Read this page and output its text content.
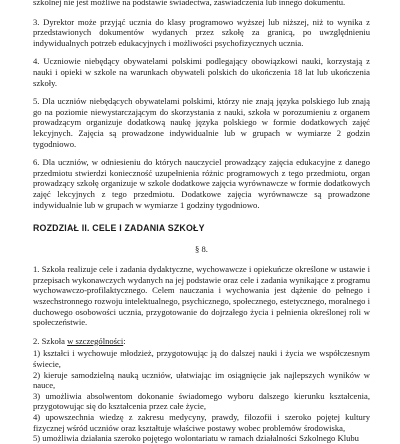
szkolnej nie jest możliwe na podstawie świadectwa, zaświadczenia lub innego dokumentu.

3. Dyrektor może przyjąć ucznia do klasy programowo wyższej lub niższej, niż to wynika z przedstawionych dokumentów wydanych przez szkołę za granicą, po uwzględnieniu indywidualnych potrzeb edukacyjnych i możliwości psychofizycznych ucznia.

4. Uczniowie niebędący obywatelami polskimi podlegający obowiązkowi nauki, korzystają z nauki i opieki w szkole na warunkach obywateli polskich do ukończenia 18 lat lub ukończenia szkoły.

5. Dla uczniów niebędących obywatelami polskimi, którzy nie znają języka polskiego lub znają go na poziomie niewystarczającym do skorzystania z nauki, szkoła w porozumieniu z organem prowadzącym organizuje dodatkową naukę języka polskiego w formie dodatkowych zajęć lekcyjnych. Zajęcia są prowadzone indywidualnie lub w grupach w wymiarze 2 godzin tygodniowo.

6. Dla uczniów, w odniesieniu do których nauczyciel prowadzący zajęcia edukacyjne z danego przedmiotu stwierdzi konieczność uzupełnienia różnic programowych z tego przedmiotu, organ prowadzący szkołę organizuje w szkole dodatkowe zajęcia wyrównawcze w formie dodatkowych zajęć lekcyjnych z tego przedmiotu. Dodatkowe zajęcia wyrównawcze są prowadzone indywidualnie lub w grupach w wymiarze 1 godziny tygodniowo.

ROZDZIAŁ II. CELE I ZADANIA SZKOŁY
§ 8.

1. Szkoła realizuje cele i zadania dydaktyczne, wychowawcze i opiekuńcze określone w ustawie i przepisach wykonawczych wydanych na jej podstawie oraz cele i zadania wynikające z programu wychowawczo-profilaktycznego. Celem nauczania i wychowania jest dążenie do pełnego i wszechstronnego rozwoju intelektualnego, psychicznego, społecznego, estetycznego, moralnego i duchowego osobowości ucznia, przygotowanie do dojrzałego życia i pełnienia określonej roli w społeczeństwie.

2. Szkoła w szczególności:

1) kształci i wychowuje młodzież, przygotowując ją do dalszej nauki i życia we współczesnym świecie,
2) kieruje samodzielną nauką uczniów, ułatwiając im osiągnięcie jak najlepszych wyników w nauce,
3) umożliwia absolwentom dokonanie świadomego wyboru dalszego kierunku kształcenia, przygotowując się do kształcenia przez całe życie,
4) upowszechnia wiedzę z zakresu medycyny, prawdy, filozofii i szeroko pojętej kultury fizycznej wśród uczniów oraz kształtuje właściwe postawy wobec problemów środowiska,
5) umożliwia działania szeroko pojętego wolontariatu w ramach działalności Szkolnego Klubu
